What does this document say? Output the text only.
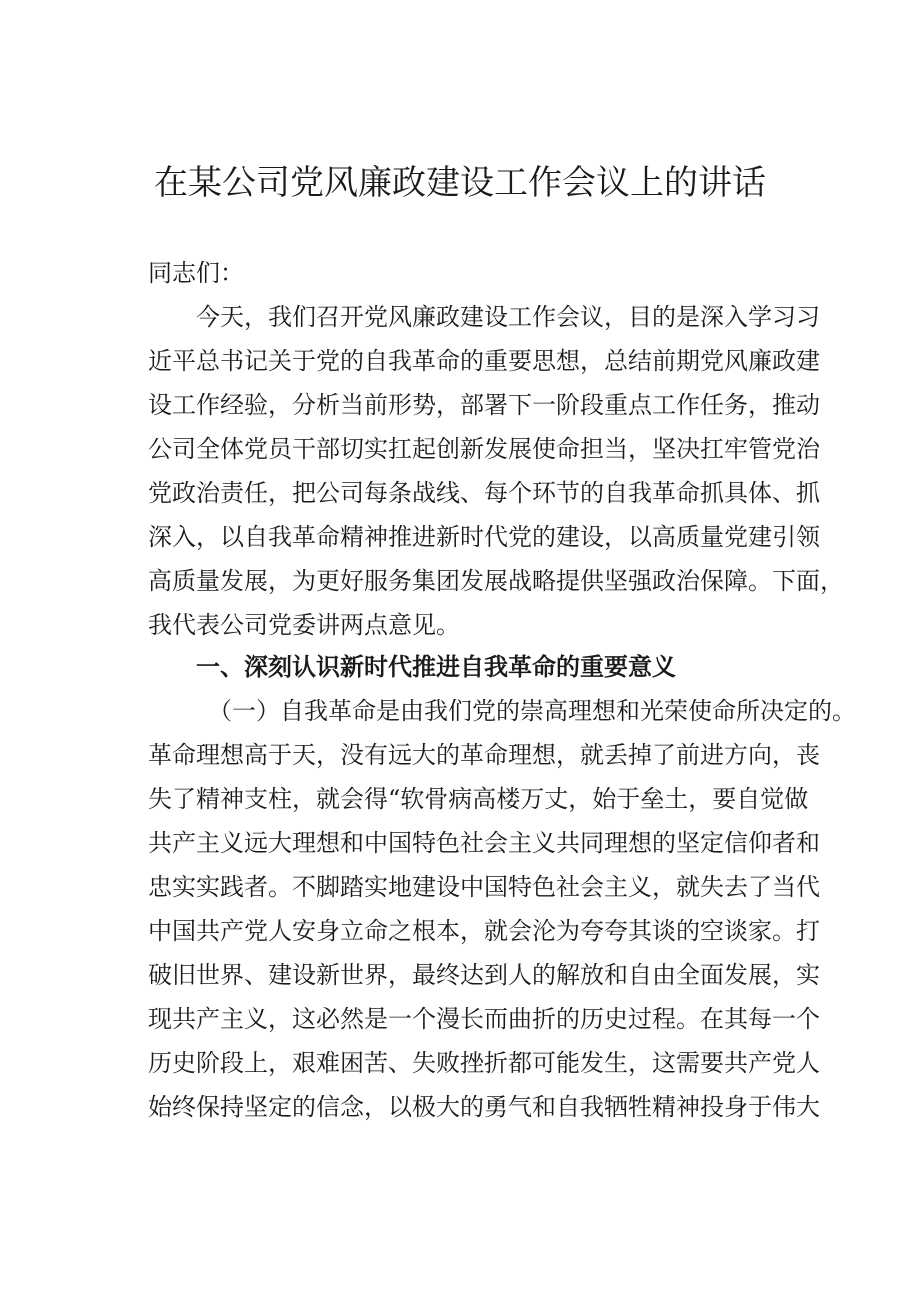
在某公司党风廉政建设工作会议上的讲话
同志们：
今天，我们召开党风廉政建设工作会议，目的是深入学习习
近平总书记关于党的自我革命的重要思想，总结前期党风廉政建
设工作经验，分析当前形势，部署下一阶段重点工作任务，推动
公司全体党员干部切实扛起创新发展使命担当，坚决扛牢管党治
党政治责任，把公司每条战线、每个环节的自我革命抓具体、抓
深入，以自我革命精神推进新时代党的建设，以高质量党建引领
高质量发展，为更好服务集团发展战略提供坚强政治保障。下面，
我代表公司党委讲两点意见。
一、深刻认识新时代推进自我革命的重要意义
（一）自我革命是由我们党的崇高理想和光荣使命所决定的。
革命理想高于天，没有远大的革命理想，就丢掉了前进方向，丧
失了精神支柱，就会得“软骨病高楼万丈，始于垒土，要自觉做
共产主义远大理想和中国特色社会主义共同理想的坚定信仰者和
忠实实践者。不脚踏实地建设中国特色社会主义，就失去了当代
中国共产党人安身立命之根本，就会沦为夸夸其谈的空谈家。打
破旧世界、建设新世界，最终达到人的解放和自由全面发展，实
现共产主义，这必然是一个漫长而曲折的历史过程。在其每一个
历史阶段上，艰难困苦、失败挫折都可能发生，这需要共产党人
始终保持坚定的信念，以极大的勇气和自我牺牲精神投身于伟大
